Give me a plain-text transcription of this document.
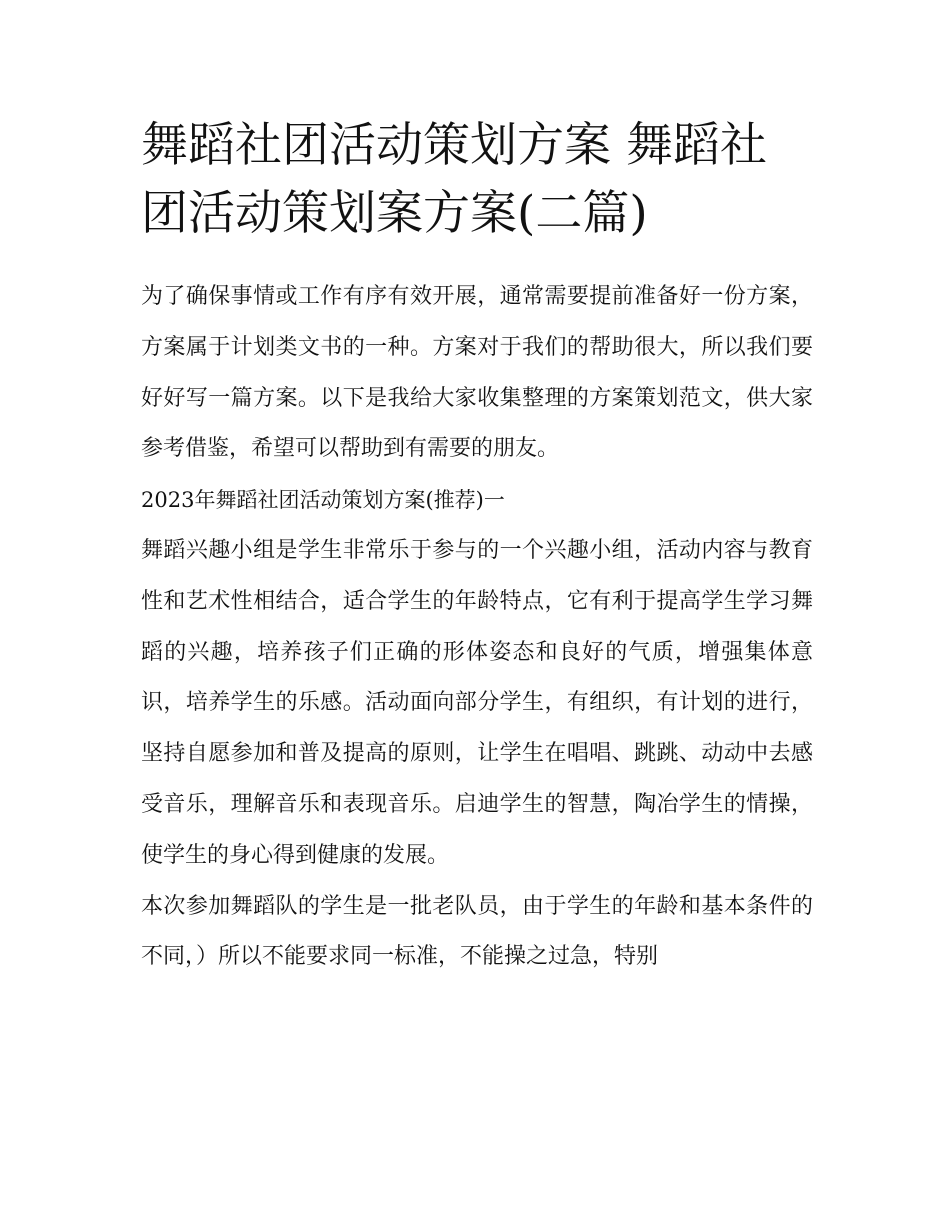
舞蹈社团活动策划方案 舞蹈社团活动策划案方案(二篇)

为了确保事情或工作有序有效开展，通常需要提前准备好一份方案，方案属于计划类文书的一种。方案对于我们的帮助很大，所以我们要好好写一篇方案。以下是我给大家收集整理的方案策划范文，供大家参考借鉴，希望可以帮助到有需要的朋友。

2023年舞蹈社团活动策划方案(推荐)一

舞蹈兴趣小组是学生非常乐于参与的一个兴趣小组，活动内容与教育性和艺术性相结合，适合学生的年龄特点，它有利于提高学生学习舞蹈的兴趣，培养孩子们正确的形体姿态和良好的气质，增强集体意识，培养学生的乐感。活动面向部分学生，有组织，有计划的进行，坚持自愿参加和普及提高的原则，让学生在唱唱、跳跳、动动中去感受音乐，理解音乐和表现音乐。启迪学生的智慧，陶冶学生的情操，使学生的身心得到健康的发展。

本次参加舞蹈队的学生是一批老队员，由于学生的年龄和基本条件的不同，）所以不能要求同一标准，不能操之过急，特别
